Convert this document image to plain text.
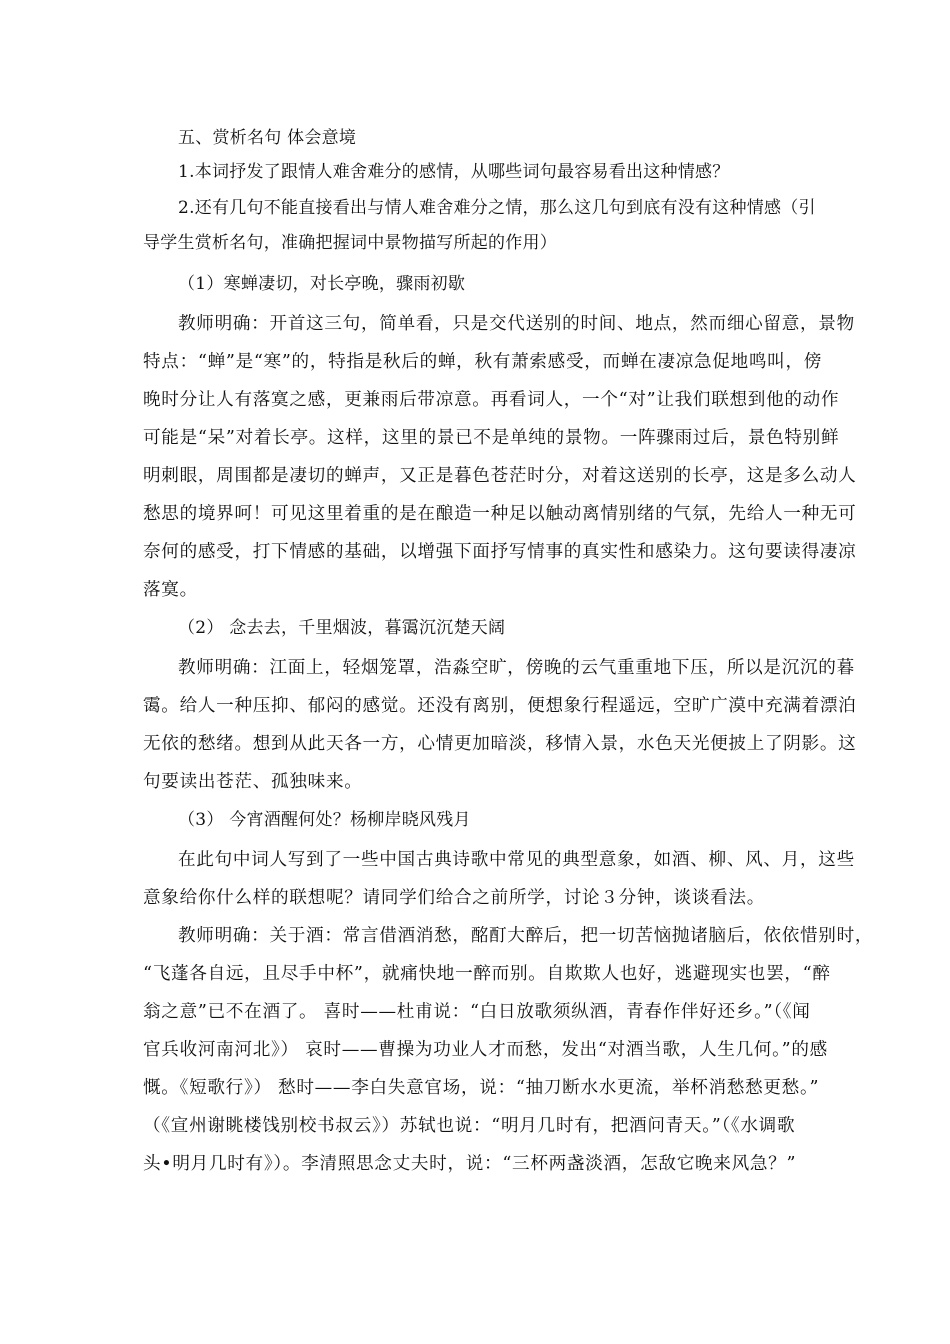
五、赏析名句 体会意境
1.本词抒发了跟情人难舍难分的感情，从哪些词句最容易看出这种情感？
2.还有几句不能直接看出与情人难舍难分之情，那么这几句到底有没有这种情感（引
导学生赏析名句，准确把握词中景物描写所起的作用）
（1）寒蝉凄切，对长亭晚，骤雨初歇
教师明确：开首这三句，简单看，只是交代送别的时间、地点，然而细心留意，景物
特点：“蝉”是“寒”的，特指是秋后的蝉，秋有萧索感受，而蝉在凄凉急促地鸣叫，傍
晚时分让人有落寞之感，更兼雨后带凉意。再看词人，一个“对”让我们联想到他的动作
可能是“呆”对着长亭。这样，这里的景已不是单纯的景物。一阵骤雨过后，景色特别鲜
明刺眼，周围都是凄切的蝉声，又正是暮色苍茫时分，对着这送别的长亭，这是多么动人
愁思的境界呵！可见这里着重的是在酿造一种足以触动离情别绪的气氛，先给人一种无可
奈何的感受，打下情感的基础，以增强下面抒写情事的真实性和感染力。这句要读得凄凉
落寞。
（2） 念去去，千里烟波，暮霭沉沉楚天阔
教师明确：江面上，轻烟笼罩，浩淼空旷，傍晚的云气重重地下压，所以是沉沉的暮
霭。给人一种压抑、郁闷的感觉。还没有离别，便想象行程遥远，空旷广漠中充满着漂泊
无依的愁绪。想到从此天各一方，心情更加暗淡，移情入景，水色天光便披上了阴影。这
句要读出苍茫、孤独味来。
（3） 今宵酒醒何处？杨柳岸晓风残月
在此句中词人写到了一些中国古典诗歌中常见的典型意象，如酒、柳、风、月，这些
意象给你什么样的联想呢？请同学们给合之前所学，讨论３分钟，谈谈看法。
教师明确：关于酒：常言借酒消愁，酩酊大醉后，把一切苦恼抛诸脑后，依依惜别时，
“飞蓬各自远，且尽手中杯”，就痛快地一醉而别。自欺欺人也好，逃避现实也罢，“醉
翁之意”已不在酒了。 喜时——杜甫说：“白日放歌须纵酒，青春作伴好还乡。”（《闻
官兵收河南河北》） 哀时——曹操为功业人才而愁，发出“对酒当歌，人生几何。”的感
慨。《短歌行》） 愁时——李白失意官场，说：“抽刀断水水更流，举杯消愁愁更愁。”
（《宣州谢眺楼饯别校书叔云》）苏轼也说：“明月几时有，把酒问青天。”（《水调歌
头•明月几时有》）。李清照思念丈夫时，说：“三杯两盏淡酒，怎敌它晚来风急？”
